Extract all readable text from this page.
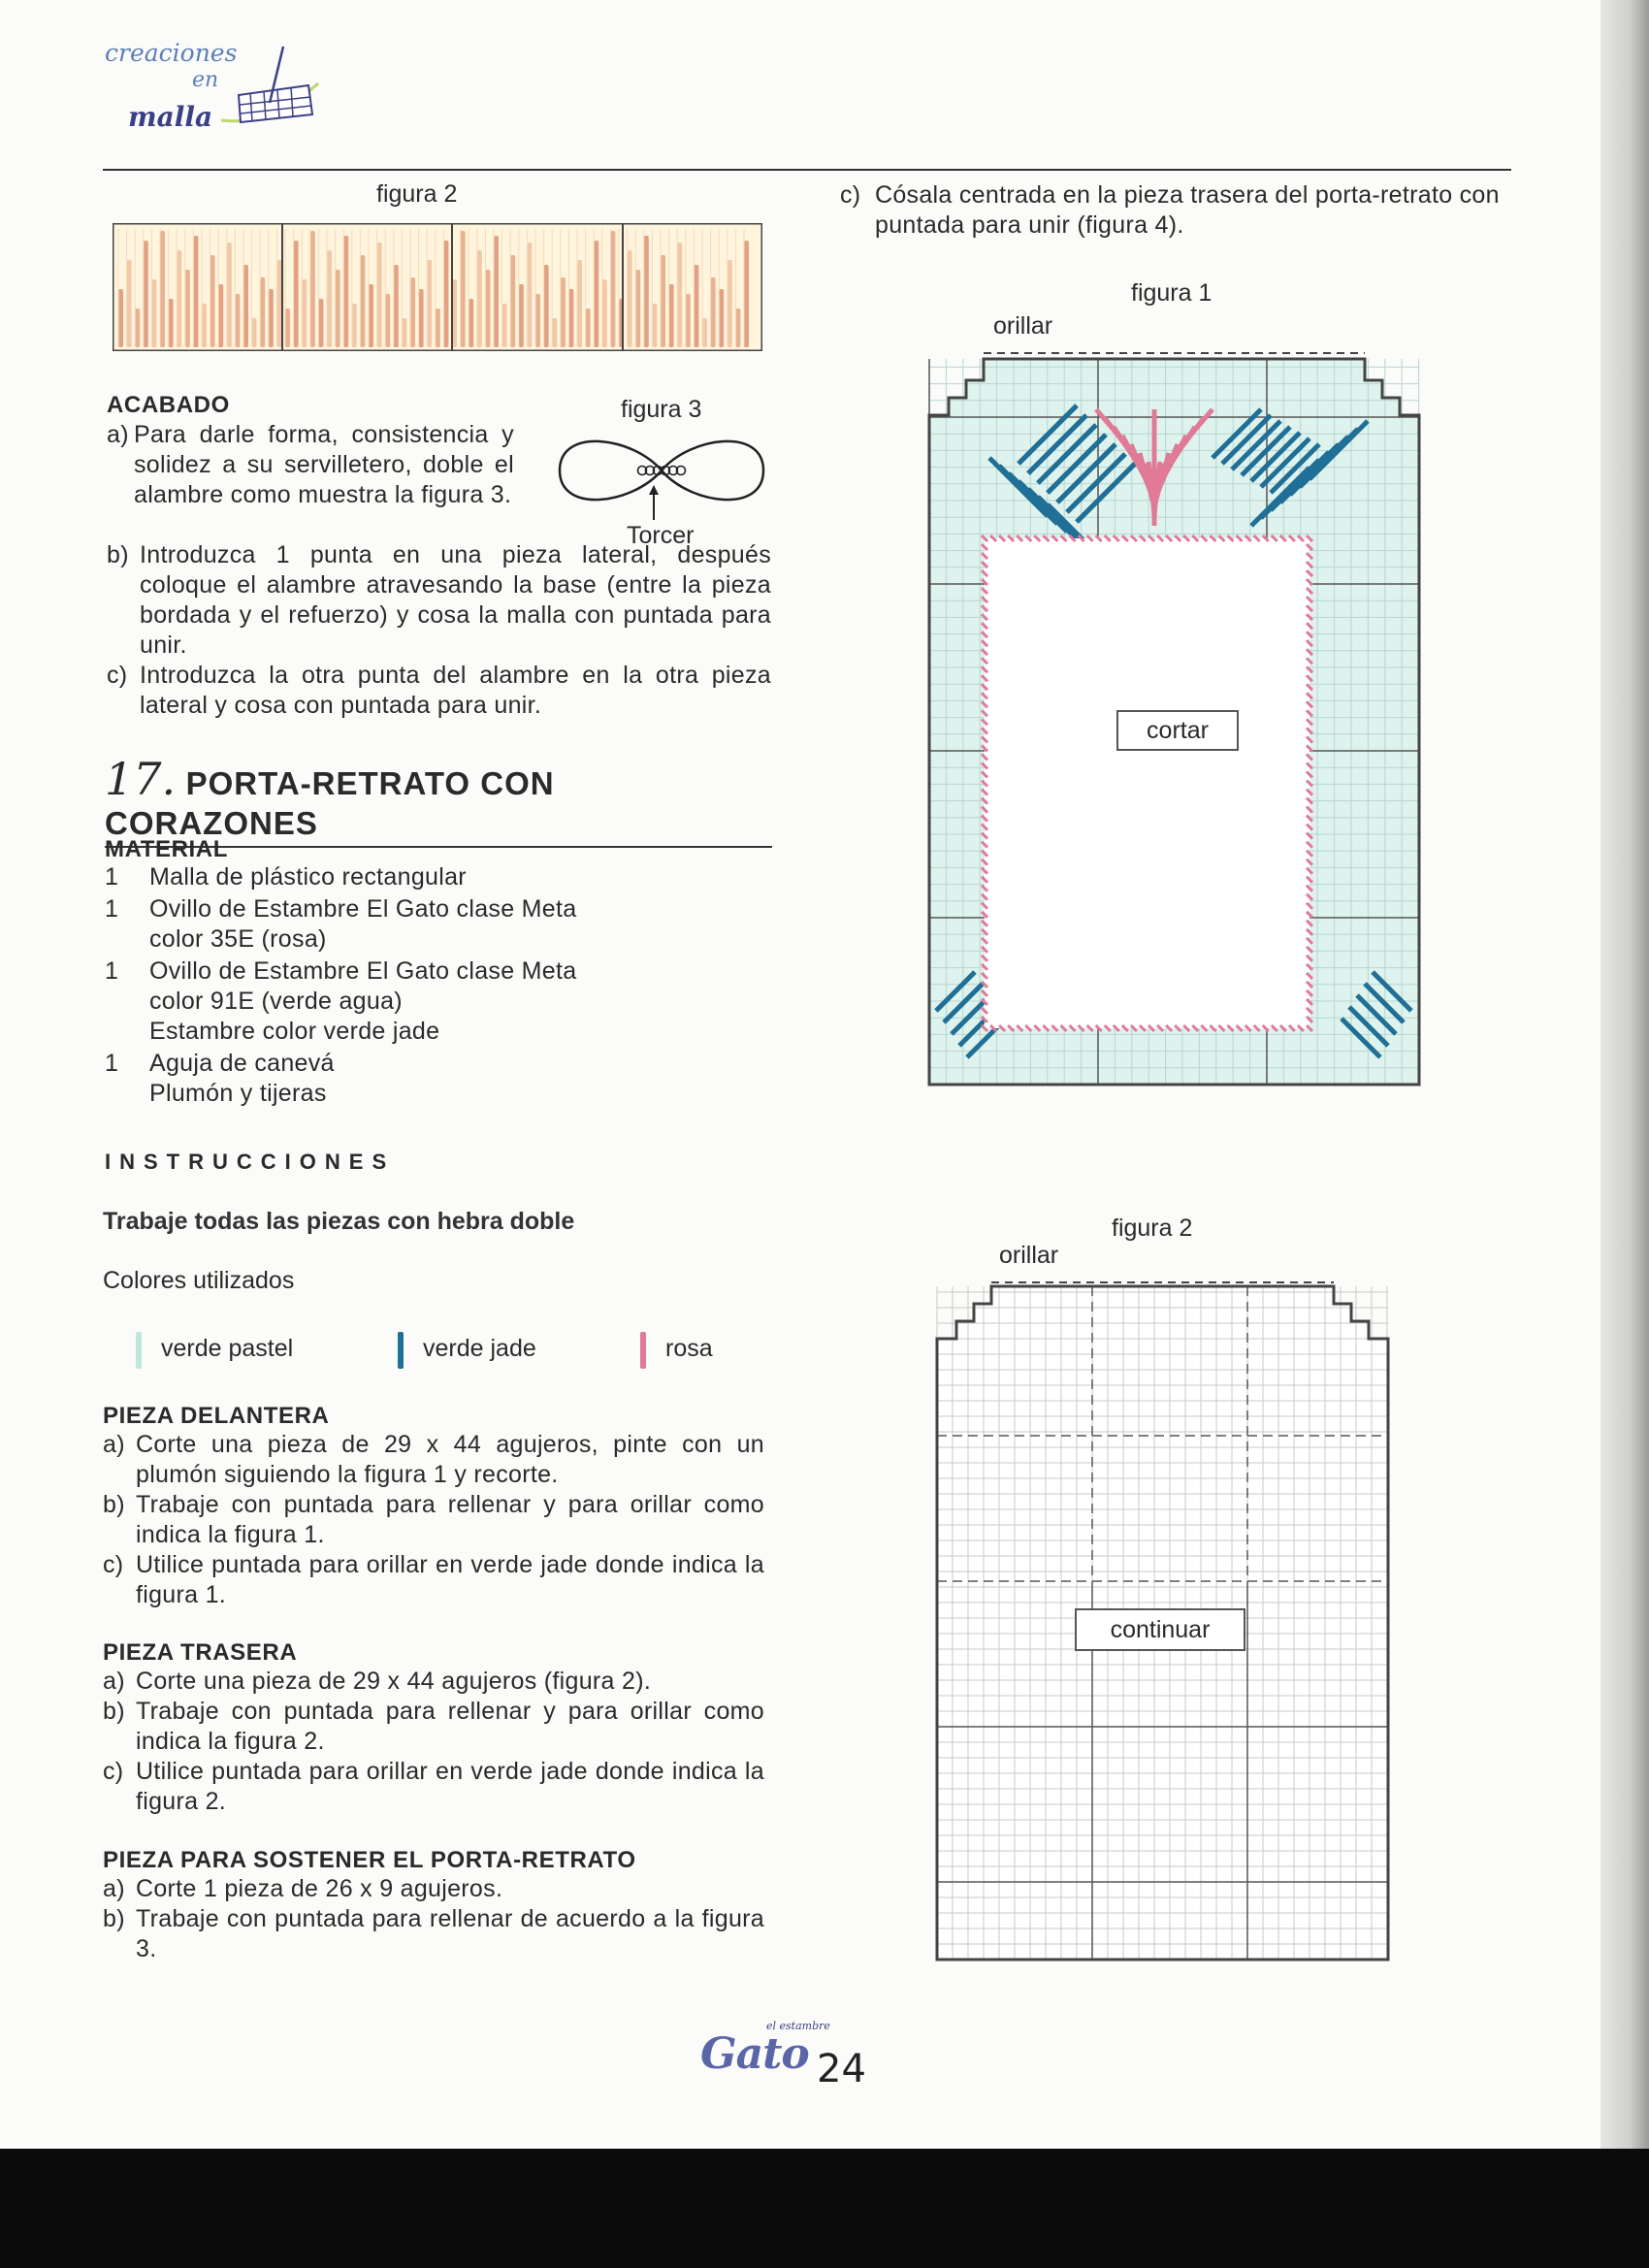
creaciones
en
malla
figura 2
ACABADO
a) Para darle forma, consistencia y solidez a su servilletero, doble el alambre como muestra la figura 3.
b) Introduzca 1 punta en una pieza lateral, después coloque el alambre atravesando la base (entre la pieza bordada y el refuerzo) y cosa la malla con puntada para unir.
c) Introduzca la otra punta del alambre en la otra pieza lateral y cosa con puntada para unir.
figura 3
Torcer
17. PORTA-RETRATO CON CORAZONES
MATERIAL
1 Malla de plástico rectangular
1 Ovillo de Estambre El Gato clase Meta
color 35E (rosa)
1 Ovillo de Estambre El Gato clase Meta
color 91E (verde agua)
Estambre color verde jade
1 Aguja de canevá
Plumón y tijeras
INSTRUCCIONES
Trabaje todas las piezas con hebra doble
Colores utilizados
verde pastel	verde jade	rosa
PIEZA DELANTERA
a) Corte una pieza de 29 x 44 agujeros, pinte con un plumón siguiendo la figura 1 y recorte.
b) Trabaje con puntada para rellenar y para orillar como indica la figura 1.
c) Utilice puntada para orillar en verde jade donde indica la figura 1.
PIEZA TRASERA
a) Corte una pieza de 29 x 44 agujeros (figura 2).
b) Trabaje con puntada para rellenar y para orillar como indica la figura 2.
c) Utilice puntada para orillar en verde jade donde indica la figura 2.
PIEZA PARA SOSTENER EL PORTA-RETRATO
a) Corte 1 pieza de 26 x 9 agujeros.
b) Trabaje con puntada para rellenar de acuerdo a la figura 3.
c) Cósala centrada en la pieza trasera del porta-retrato con puntada para unir (figura 4).
figura 1
orillar
cortar
figura 2
orillar
continuar
el estambre
Gato 24
